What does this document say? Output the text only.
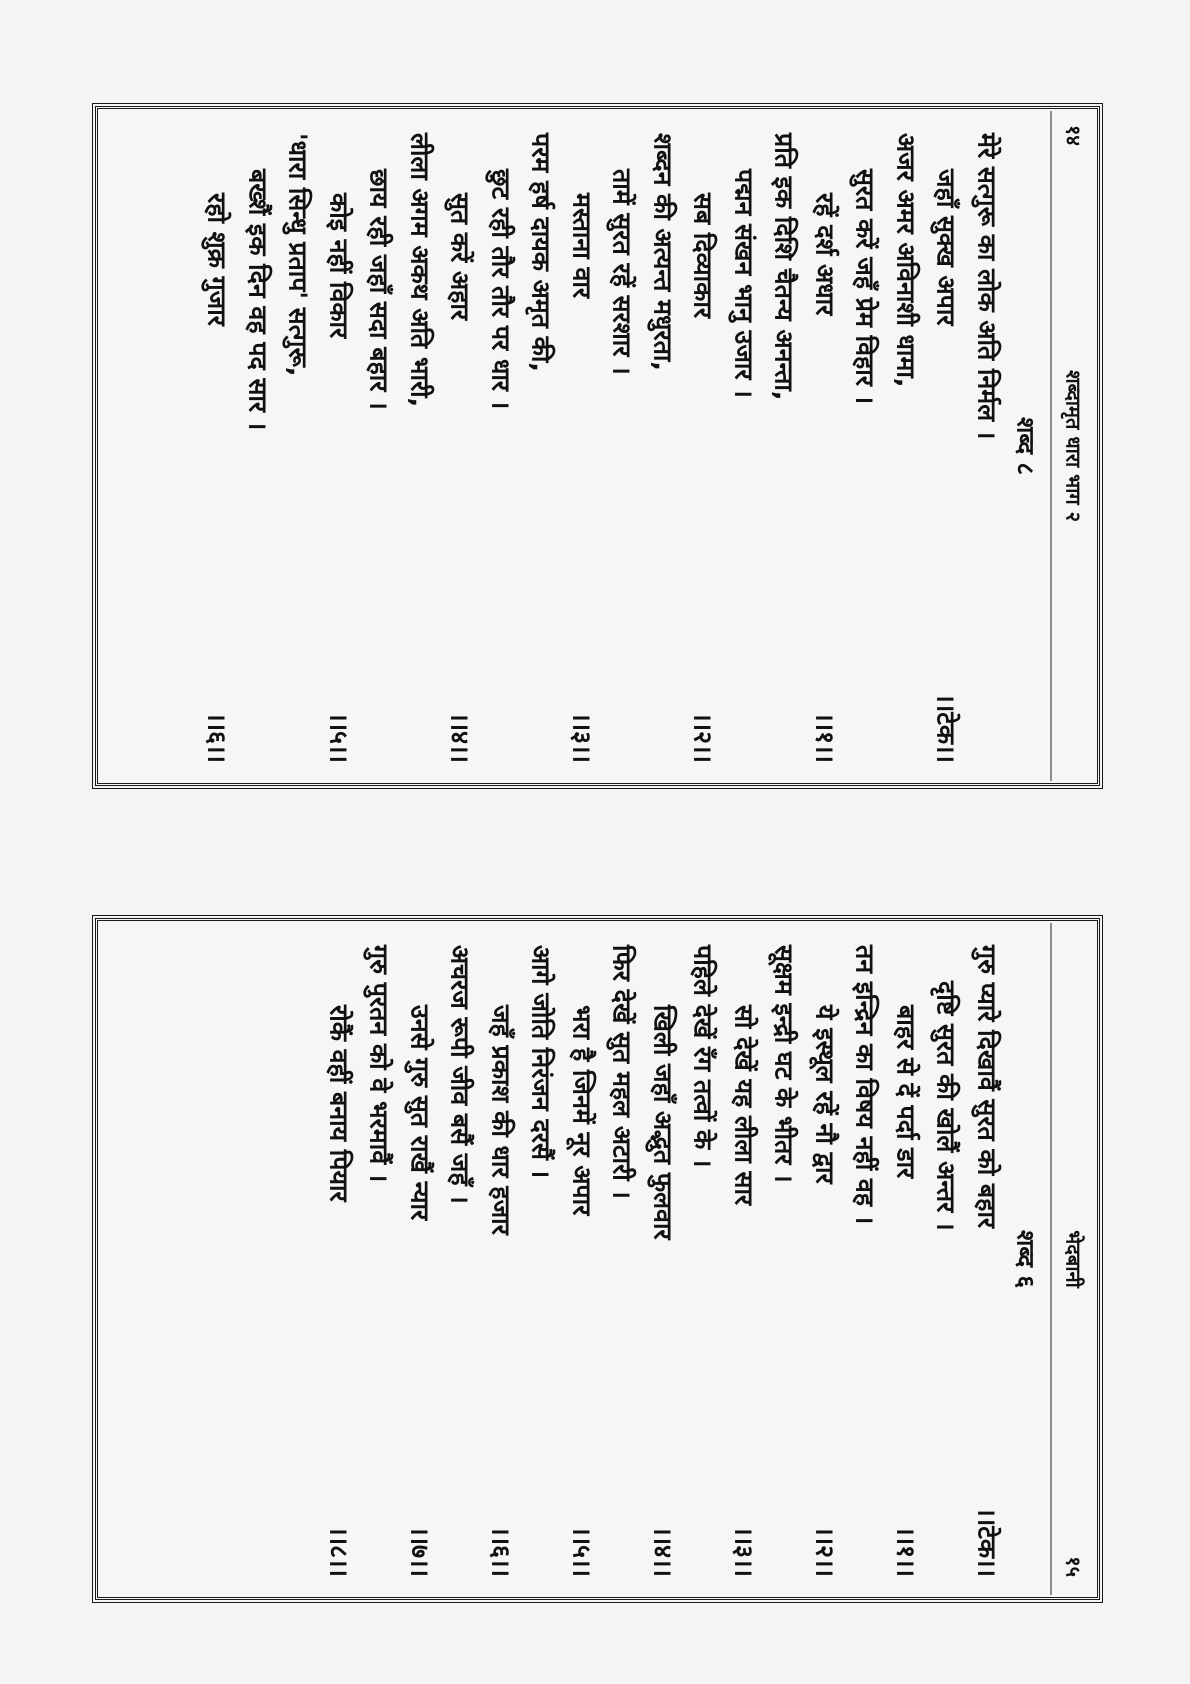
१४
शब्दामृत धारा भाग २
शब्द ८
मेरे सत्गुरू का लोक अति निर्मल ।
जहाँ सुक्ख अपार
।।टेक।।
अजर अमर अविनाशी धामा,
सुरत करें जहँ प्रेम विहार ।
रहें दर्श अधार
।।१।।
प्रति इक दिशि चैतन्य अनन्ता,
पद्मन संखन भानु उजार ।
सब दिव्याकार
।।२।।
शब्दन की अत्यन्त मधुरता,
तामें सुरत रहें सरशार ।
मस्ताना वार
।।३।।
परम हर्ष दायक अमृत की,
छुट रही तौर तौर पर धार ।
सुत करें अहार
।।४।।
लीला अगम अकथ अति भारी,
छाय रही जहाँ सदा बहार ।
कोइ नहीं विकार
।।५।।
'धारा सिन्धु प्रताप' सत्गुरू,
बख्शैं इक दिन वह पद सार ।
रहो शुक्र गुजार
।।६।।
१५
भेदबानी
शब्द ६
गुरु प्यारे दिखावैं सुरत को बहार
।।टेक।।
दृष्टि सुरत की खोलैं अन्तर ।
बाहर से दें पर्दा डार
।।१।।
तन इन्द्रिन का विषय नहीं वह ।
ये इस्थूल रहें नौ द्वार
।।२।।
सूक्षम इन्द्री घट के भीतर ।
सो देखें यह लीला सार
।।३।।
पहिले देखें रँग तत्वों के ।
खिली जहाँ अद्भुत फुलवार
।।४।।
फिर देखें सुत महल अटारी ।
भरा है जिनमें नूर अपार
।।५।।
आगे जोति निरंजन दरसैं ।
जहँ प्रकाश की धार हजार
।।६।।
अचरज रूपी जीव बसैं जहँ ।
उनसे गुरु सुत राखैं न्यार
।।७।।
गुरु पुरतन को वे भरमावैं ।
रोकैं वहीं बनाय पियार
।।८।।
